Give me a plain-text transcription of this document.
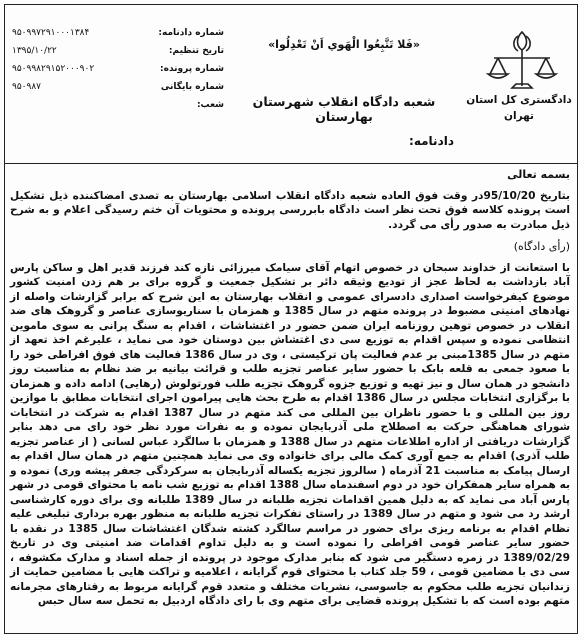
۹۵۰۹۹۷۲۹۱۰۰۰۱۳۸۴
۱۳۹۵/۱۰/۲۲
۹۵۰۹۹۸۲۹۱۵۲۰۰۰۹۰۲
۹۵۰۹۸۷
شماره دادنامه:
تاریخ تنظیم:
شماره پرونده:
شماره بایگانی شعب:
«فَلا تَتَّبِعُوا الْهَوي اَنْ تَعْدِلُوا»
شعبه دادگاه انقلاب شهرستان بهارستان
دادنامه:
دادگستری کل استان
تهران
بسمه تعالی

بتاریخ 95/10/20در وقت فوق العاده شعبه دادگاه انقلاب اسلامی بهارستان به تصدی امضاکننده ذیل تشکیل است پرونده کلاسه فوق تحت نظر است دادگاه بابررسی پرونده و محتویات آن ختم رسیدگی اعلام و به شرح ذیل مبادرت به صدور رأی می گردد.

(رأی دادگاه)

با استعانت از خداوند سبحان در خصوص اتهام آقای سیامک میرزائی تازه کند فرزند قدیر اهل و ساکن پارس آباد بازداشت به لحاظ عجز از تودیع وثیقه دائر بر تشکیل جمعیت و گروه برای بر هم زدن امنیت کشور موضوع کیفرخواست اصداری دادسرای عمومی و انقلاب بهارستان به این شرح که برابر گزارشات واصله از نهادهای امنیتی مضبوط در پرونده متهم در سال 1385 و همزمان با سناریوسازی عناصر و گروهک های ضد انقلاب در خصوص توهین روزنامه ایران ضمن حضور در اغتشاشات ، اقدام به سنگ پرانی به سوی ماموین انتظامی نموده و سپس اقدام به توزیع سی دی اغتشاش بین دوستان خود می نماید ، علیرغم اخذ تعهد از متهم در سال 1385مبنی بر عدم فعالیت پان ترکیستی ، وی در سال 1386 فعالیت های فوق افراطی خود را با صعود جمعی به قلعه بابک با حضور سایر عناصر تجزیه طلب و قرائت بیانیه بر ضد نظام به مناسبت روز دانشجو در همان سال و نیز تهیه و توزیع جزوه گروهک تجزیه طلب فورتولوش (رهایی) ادامه داده و همزمان با برگزاری انتخابات مجلس در سال 1386 اقدام به طرح بحث هایی پیرامون اجرای انتخابات مطابق با موازین روز بین المللی و با حضور ناظران بین المللی می کند متهم در سال 1387 اقدام به شرکت در انتخابات شورای هماهنگی حرکت به اصطلاح ملی آذربایجان نموده و به نفرات مورد نظر خود رای می دهد بنابر گزارشات دریافتی از اداره اطلاعات متهم در سال 1388 و همزمان با سالگرد عباس لسانی ( از عناصر تجزیه طلب آذری) اقدام به جمع آوری کمک مالی برای خانواده وی می نماید همچنین متهم در همان سال اقدام به ارسال پیامک به مناسبت 21 آذرماه ( سالروز تجزیه یکساله آذربایجان به سرکردگی جعفر پیشه وری) نموده و به همراه سایر همفکران خود در دوم اسفندماه سال 1388 اقدام به توزیع شب نامه با محتوای قومی در شهر پارس آباد می نماید که به دلیل همین اقدامات تجزیه طلبانه در سال 1389 طلبانه وی برای دوره کارشناسی ارشد رد می شود و متهم در سال 1389 در راستای تفکرات تجزیه طلبانه به منظور بهره برداری تبلیغی علیه نظام اقدام به برنامه ریزی برای حضور در مراسم سالگرد کشته شدگان اغتشاشات سال 1385 در نقده با حضور سایر عناصر قومی افراطی را نموده است و به دلیل تداوم اقدامات ضد امنیتی وی در تاریخ 1389/02/29 در زمره دستگیر می شود که بنابر مدارک موجود در پرونده از جمله اسناد و مدارک مکشوفه ، سی دی با مضامین قومی ، 59 جلد کتاب با محتوای قوم گرایانه ، اعلامیه و تراکت هایی با مضامین حمایت از زندانیان تجزیه طلب محکوم به جاسوسی، نشریات مختلف و متعدد قوم گرایانه مربوط به رفتارهای مجرمانه متهم بوده است که با تشکیل پرونده قضایی برای متهم وی با رای دادگاه اردبیل به تحمل سه سال حبس
